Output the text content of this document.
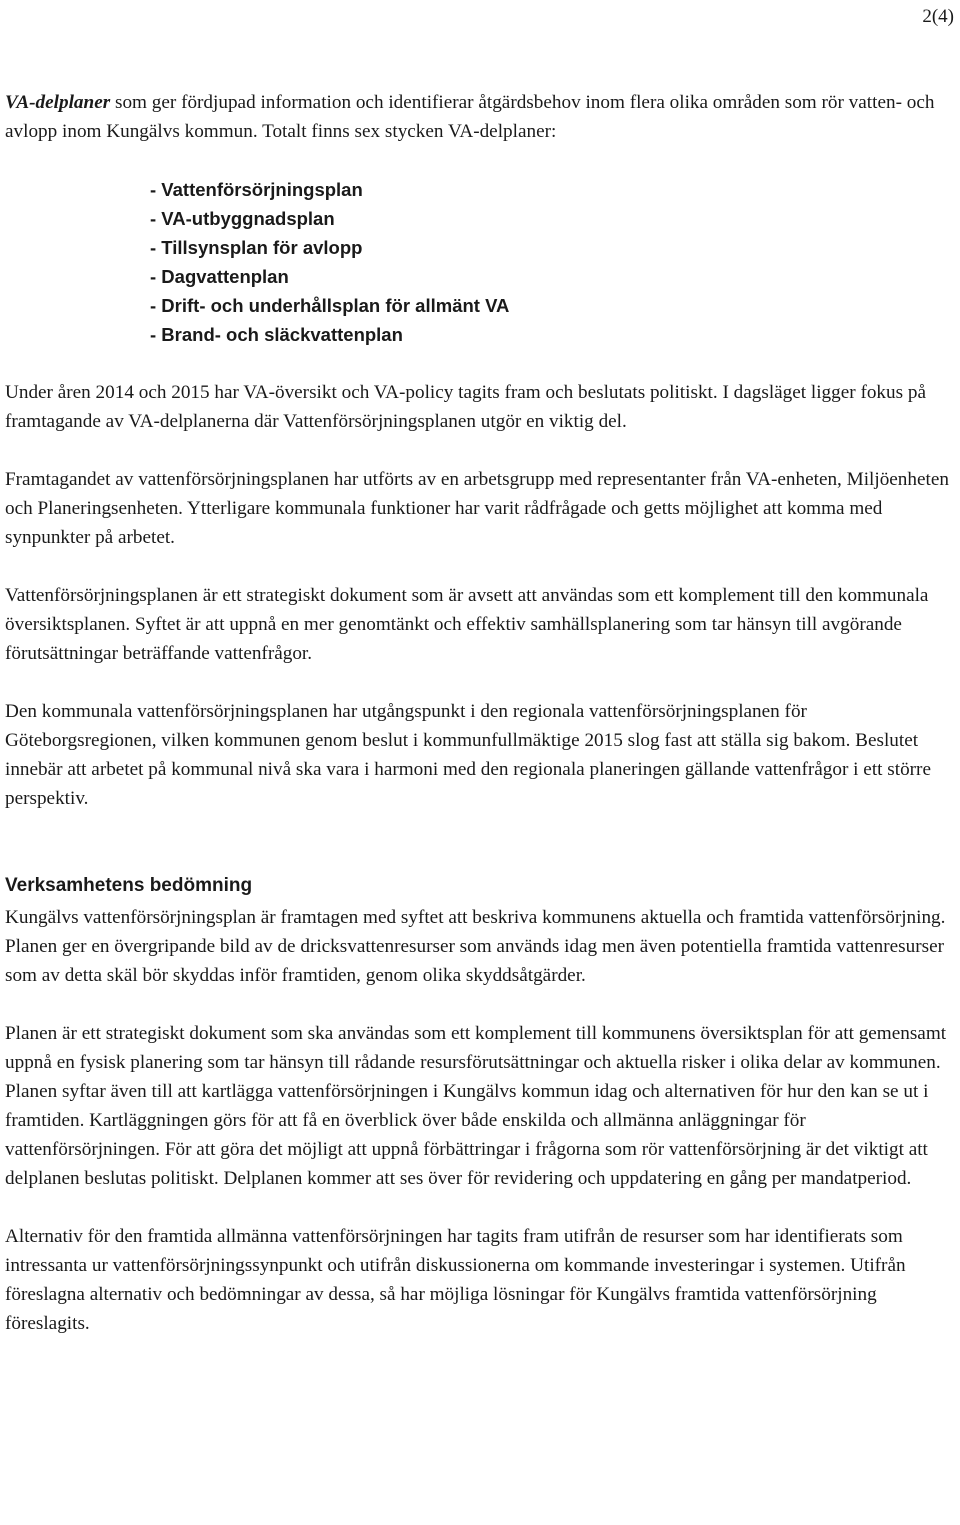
2(4)

VA-delplaner som ger fördjupad information och identifierar åtgärdsbehov inom flera olika områden som rör vatten- och avlopp inom Kungälvs kommun. Totalt finns sex stycken VA-delplaner:

- Vattenförsörjningsplan
- VA-utbyggnadsplan
- Tillsynsplan för avlopp
- Dagvattenplan
- Drift- och underhållsplan för allmänt VA
- Brand- och släckvattenplan

Under åren 2014 och 2015 har VA-översikt och VA-policy tagits fram och beslutats politiskt. I dagsläget ligger fokus på framtagande av VA-delplanerna där Vattenförsörjningsplanen utgör en viktig del.

Framtagandet av vattenförsörjningsplanen har utförts av en arbetsgrupp med representanter från VA-enheten, Miljöenheten och Planeringsenheten. Ytterligare kommunala funktioner har varit rådfrågade och getts möjlighet att komma med synpunkter på arbetet.

Vattenförsörjningsplanen är ett strategiskt dokument som är avsett att användas som ett komplement till den kommunala översiktsplanen. Syftet är att uppnå en mer genomtänkt och effektiv samhällsplanering som tar hänsyn till avgörande förutsättningar beträffande vattenfrågor.

Den kommunala vattenförsörjningsplanen har utgångspunkt i den regionala vattenförsörjningsplanen för Göteborgsregionen, vilken kommunen genom beslut i kommunfullmäktige 2015 slog fast att ställa sig bakom. Beslutet innebär att arbetet på kommunal nivå ska vara i harmoni med den regionala planeringen gällande vattenfrågor i ett större perspektiv.

Verksamhetens bedömning

Kungälvs vattenförsörjningsplan är framtagen med syftet att beskriva kommunens aktuella och framtida vattenförsörjning. Planen ger en övergripande bild av de dricksvattenresurser som används idag men även potentiella framtida vattenresurser som av detta skäl bör skyddas inför framtiden, genom olika skyddsåtgärder.

Planen är ett strategiskt dokument som ska användas som ett komplement till kommunens översiktsplan för att gemensamt uppnå en fysisk planering som tar hänsyn till rådande resursförutsättningar och aktuella risker i olika delar av kommunen. Planen syftar även till att kartlägga vattenförsörjningen i Kungälvs kommun idag och alternativen för hur den kan se ut i framtiden. Kartläggningen görs för att få en överblick över både enskilda och allmänna anläggningar för vattenförsörjningen. För att göra det möjligt att uppnå förbättringar i frågorna som rör vattenförsörjning är det viktigt att delplanen beslutas politiskt. Delplanen kommer att ses över för revidering och uppdatering en gång per mandatperiod.

Alternativ för den framtida allmänna vattenförsörjningen har tagits fram utifrån de resurser som har identifierats som intressanta ur vattenförsörjningssynpunkt och utifrån diskussionerna om kommande investeringar i systemen. Utifrån föreslagna alternativ och bedömningar av dessa, så har möjliga lösningar för Kungälvs framtida vattenförsörjning föreslagits.
